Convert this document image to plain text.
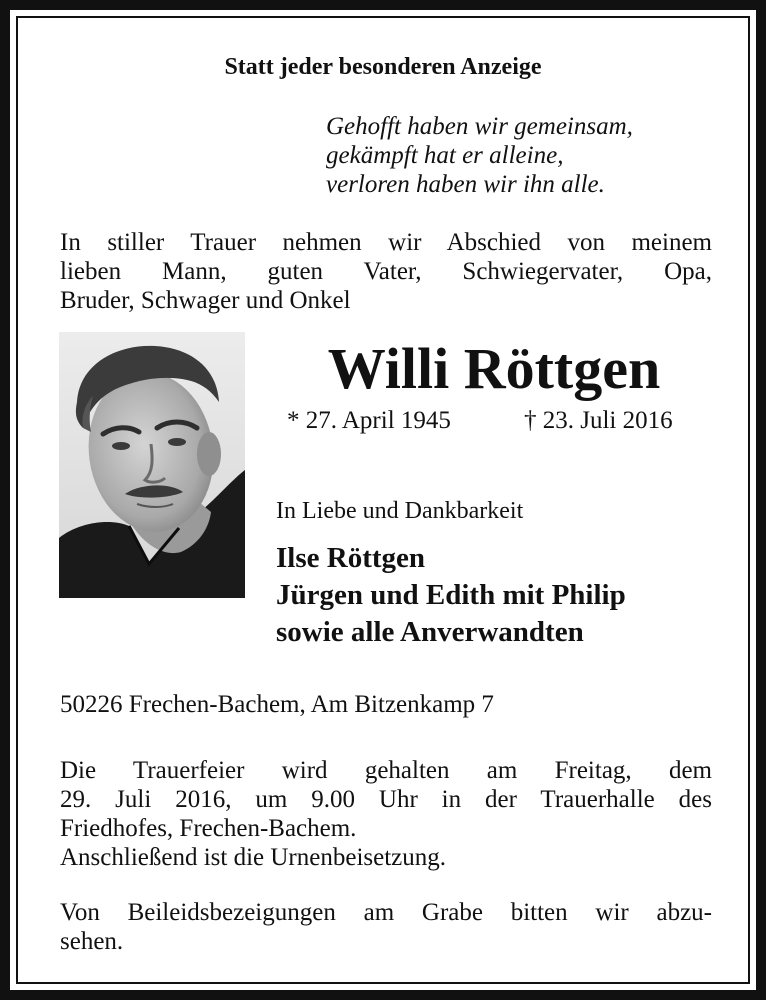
Statt jeder besonderen Anzeige
Gehofft haben wir gemeinsam,
gekämpft hat er alleine,
verloren haben wir ihn alle.
In stiller Trauer nehmen wir Abschied von meinem
lieben Mann, guten Vater, Schwiegervater, Opa,
Bruder, Schwager und Onkel
Willi Röttgen
* 27. April 1945	† 23. Juli 2016
In Liebe und Dankbarkeit
Ilse Röttgen
Jürgen und Edith mit Philip
sowie alle Anverwandten
50226 Frechen-Bachem, Am Bitzenkamp 7
Die Trauerfeier wird gehalten am Freitag, dem
29. Juli 2016, um 9.00 Uhr in der Trauerhalle des
Friedhofes, Frechen-Bachem.
Anschließend ist die Urnenbeisetzung.
Von Beileidsbezeigungen am Grabe bitten wir abzu-
sehen.
